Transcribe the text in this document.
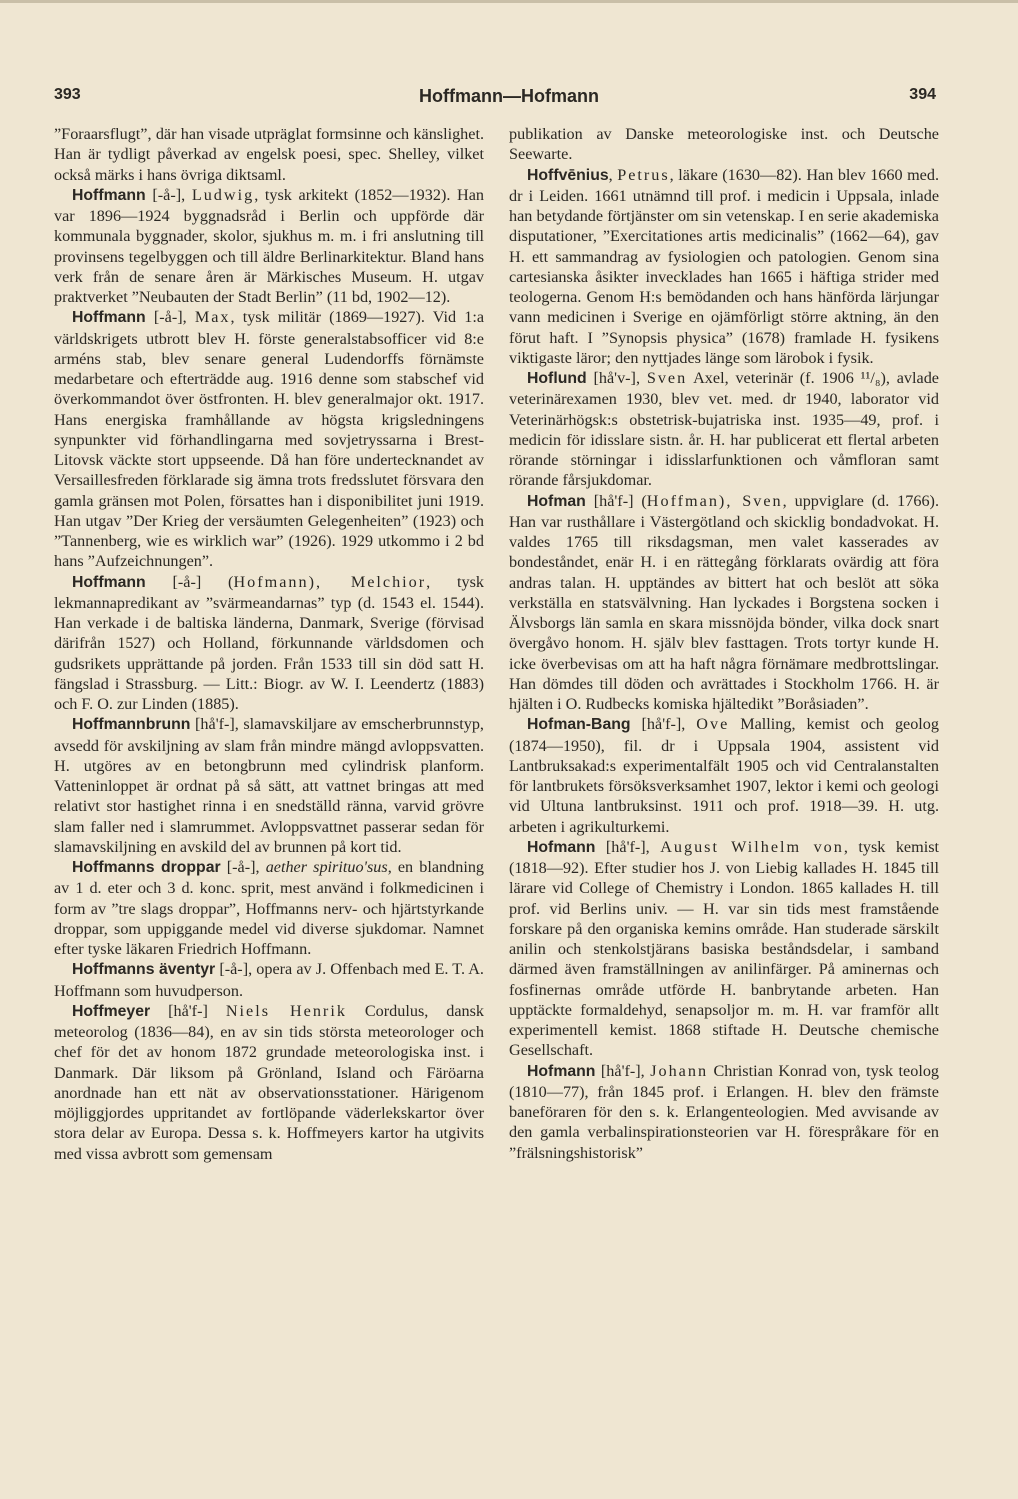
393	Hoffmann—Hofmann	394

”Foraarsflugt”, där han visade utpräglat formsinne och känslighet. Han är tydligt påverkad av engelsk poesi, spec. Shelley, vilket också märks i hans övriga diktsaml.

Hoffmann [-å-], Ludwig, tysk arkitekt (1852—1932). Han var 1896—1924 byggnadsråd i Berlin och uppförde där kommunala byggnader, skolor, sjukhus m. m. i fri anslutning till provinsens tegelbyggen och till äldre Berlinarkitektur. Bland hans verk från de senare åren är Märkisches Museum. H. utgav praktverket ”Neubauten der Stadt Berlin” (11 bd, 1902—12).

Hoffmann [-å-], Max, tysk militär (1869—1927). Vid 1:a världskrigets utbrott blev H. förste generalstabsofficer vid 8:e arméns stab, blev senare general Ludendorffs förnämste medarbetare och efterträdde aug. 1916 denne som stabschef vid överkommandot över östfronten. H. blev generalmajor okt. 1917. Hans energiska framhållande av högsta krigsledningens synpunkter vid förhandlingarna med sovjetryssarna i Brest-Litovsk väckte stort uppseende. Då han före undertecknandet av Versaillesfreden förklarade sig ämna trots fredsslutet försvara den gamla gränsen mot Polen, försattes han i disponibilitet juni 1919. Han utgav ”Der Krieg der versäumten Gelegenheiten” (1923) och ”Tannenberg, wie es wirklich war” (1926). 1929 utkommo i 2 bd hans ”Aufzeichnungen”.

Hoffmann [-å-] (Hofmann), Melchior, tysk lekmannapredikant av ”svärmeandarnas” typ (d. 1543 el. 1544). Han verkade i de baltiska länderna, Danmark, Sverige (förvisad därifrån 1527) och Holland, förkunnande världsdomen och gudsrikets upprättande på jorden. Från 1533 till sin död satt H. fängslad i Strassburg. — Litt.: Biogr. av W. I. Leendertz (1883) och F. O. zur Linden (1885).

Hoffmannbrunn [hå'f-], slamavskiljare av emscherbrunnstyp, avsedd för avskiljning av slam från mindre mängd avloppsvatten. H. utgöres av en betongbrunn med cylindrisk planform. Vatteninloppet är ordnat på så sätt, att vattnet bringas att med relativt stor hastighet rinna i en snedställd ränna, varvid grövre slam faller ned i slamrummet. Avloppsvattnet passerar sedan för slamavskiljning en avskild del av brunnen på kort tid.

Hoffmanns droppar [-å-], aether spirituo'sus, en blandning av 1 d. eter och 3 d. konc. sprit, mest använd i folkmedicinen i form av ”tre slags droppar”, Hoffmanns nerv- och hjärtstyrkande droppar, som uppiggande medel vid diverse sjukdomar. Namnet efter tyske läkaren Friedrich Hoffmann.

Hoffmanns äventyr [-å-], opera av J. Offenbach med E. T. A. Hoffmann som huvudperson.

Hoffmeyer [hå'f-] Niels Henrik Cordulus, dansk meteorolog (1836—84), en av sin tids största meteorologer och chef för det av honom 1872 grundade meteorologiska inst. i Danmark. Där liksom på Grönland, Island och Färöarna anordnade han ett nät av observationsstationer. Härigenom möjliggjordes uppritandet av fortlöpande väderlekskartor över stora delar av Europa. Dessa s. k. Hoffmeyers kartor ha utgivits med vissa avbrott som gemensam

publikation av Danske meteorologiske inst. och Deutsche Seewarte.

Hoffvēnius, Petrus, läkare (1630—82). Han blev 1660 med. dr i Leiden. 1661 utnämnd till prof. i medicin i Uppsala, inlade han betydande förtjänster om sin vetenskap. I en serie akademiska disputationer, ”Exercitationes artis medicinalis” (1662—64), gav H. ett sammandrag av fysiologien och patologien. Genom sina cartesianska åsikter invecklades han 1665 i häftiga strider med teologerna. Genom H:s bemödanden och hans hänförda lärjungar vann medicinen i Sverige en ojämförligt större aktning, än den förut haft. I ”Synopsis physica” (1678) framlade H. fysikens viktigaste läror; den nyttjades länge som lärobok i fysik.

Hoflund [hå'v-], Sven Axel, veterinär (f. 1906 ¹¹/₈), avlade veterinärexamen 1930, blev vet. med. dr 1940, laborator vid Veterinärhögsk:s obstetrisk-bujatriska inst. 1935—49, prof. i medicin för idisslare sistn. år. H. har publicerat ett flertal arbeten rörande störningar i idisslarfunktionen och våmfloran samt rörande fårsjukdomar.

Hofman [hå'f-] (Hoffman), Sven, uppviglare (d. 1766). Han var rusthållare i Västergötland och skicklig bondadvokat. H. valdes 1765 till riksdagsman, men valet kasserades av bondeståndet, enär H. i en rättegång förklarats ovärdig att föra andras talan. H. upptändes av bittert hat och beslöt att söka verkställa en statsvälvning. Han lyckades i Borgstena socken i Älvsborgs län samla en skara missnöjda bönder, vilka dock snart övergåvo honom. H. själv blev fasttagen. Trots tortyr kunde H. icke överbevisas om att ha haft några förnämare medbrottslingar. Han dömdes till döden och avrättades i Stockholm 1766. H. är hjälten i O. Rudbecks komiska hjältedikt ”Boråsiaden”.

Hofman-Bang [hå'f-], Ove Malling, kemist och geolog (1874—1950), fil. dr i Uppsala 1904, assistent vid Lantbruksakad:s experimentalfält 1905 och vid Centralanstalten för lantbrukets försöksverksamhet 1907, lektor i kemi och geologi vid Ultuna lantbruksinst. 1911 och prof. 1918—39. H. utg. arbeten i agrikulturkemi.

Hofmann [hå'f-], August Wilhelm von, tysk kemist (1818—92). Efter studier hos J. von Liebig kallades H. 1845 till lärare vid College of Chemistry i London. 1865 kallades H. till prof. vid Berlins univ. — H. var sin tids mest framstående forskare på den organiska kemins område. Han studerade särskilt anilin och stenkolstjärans basiska beståndsdelar, i samband därmed även framställningen av anilinfärger. På aminernas och fosfinernas område utförde H. banbrytande arbeten. Han upptäckte formaldehyd, senapsoljor m. m. H. var framför allt experimentell kemist. 1868 stiftade H. Deutsche chemische Gesellschaft.

Hofmann [hå'f-], Johann Christian Konrad von, tysk teolog (1810—77), från 1845 prof. i Erlangen. H. blev den främste baneföraren för den s. k. Erlangenteologien. Med avvisande av den gamla verbalinspirationsteorien var H. förespråkare för en ”frälsningshistorisk”
